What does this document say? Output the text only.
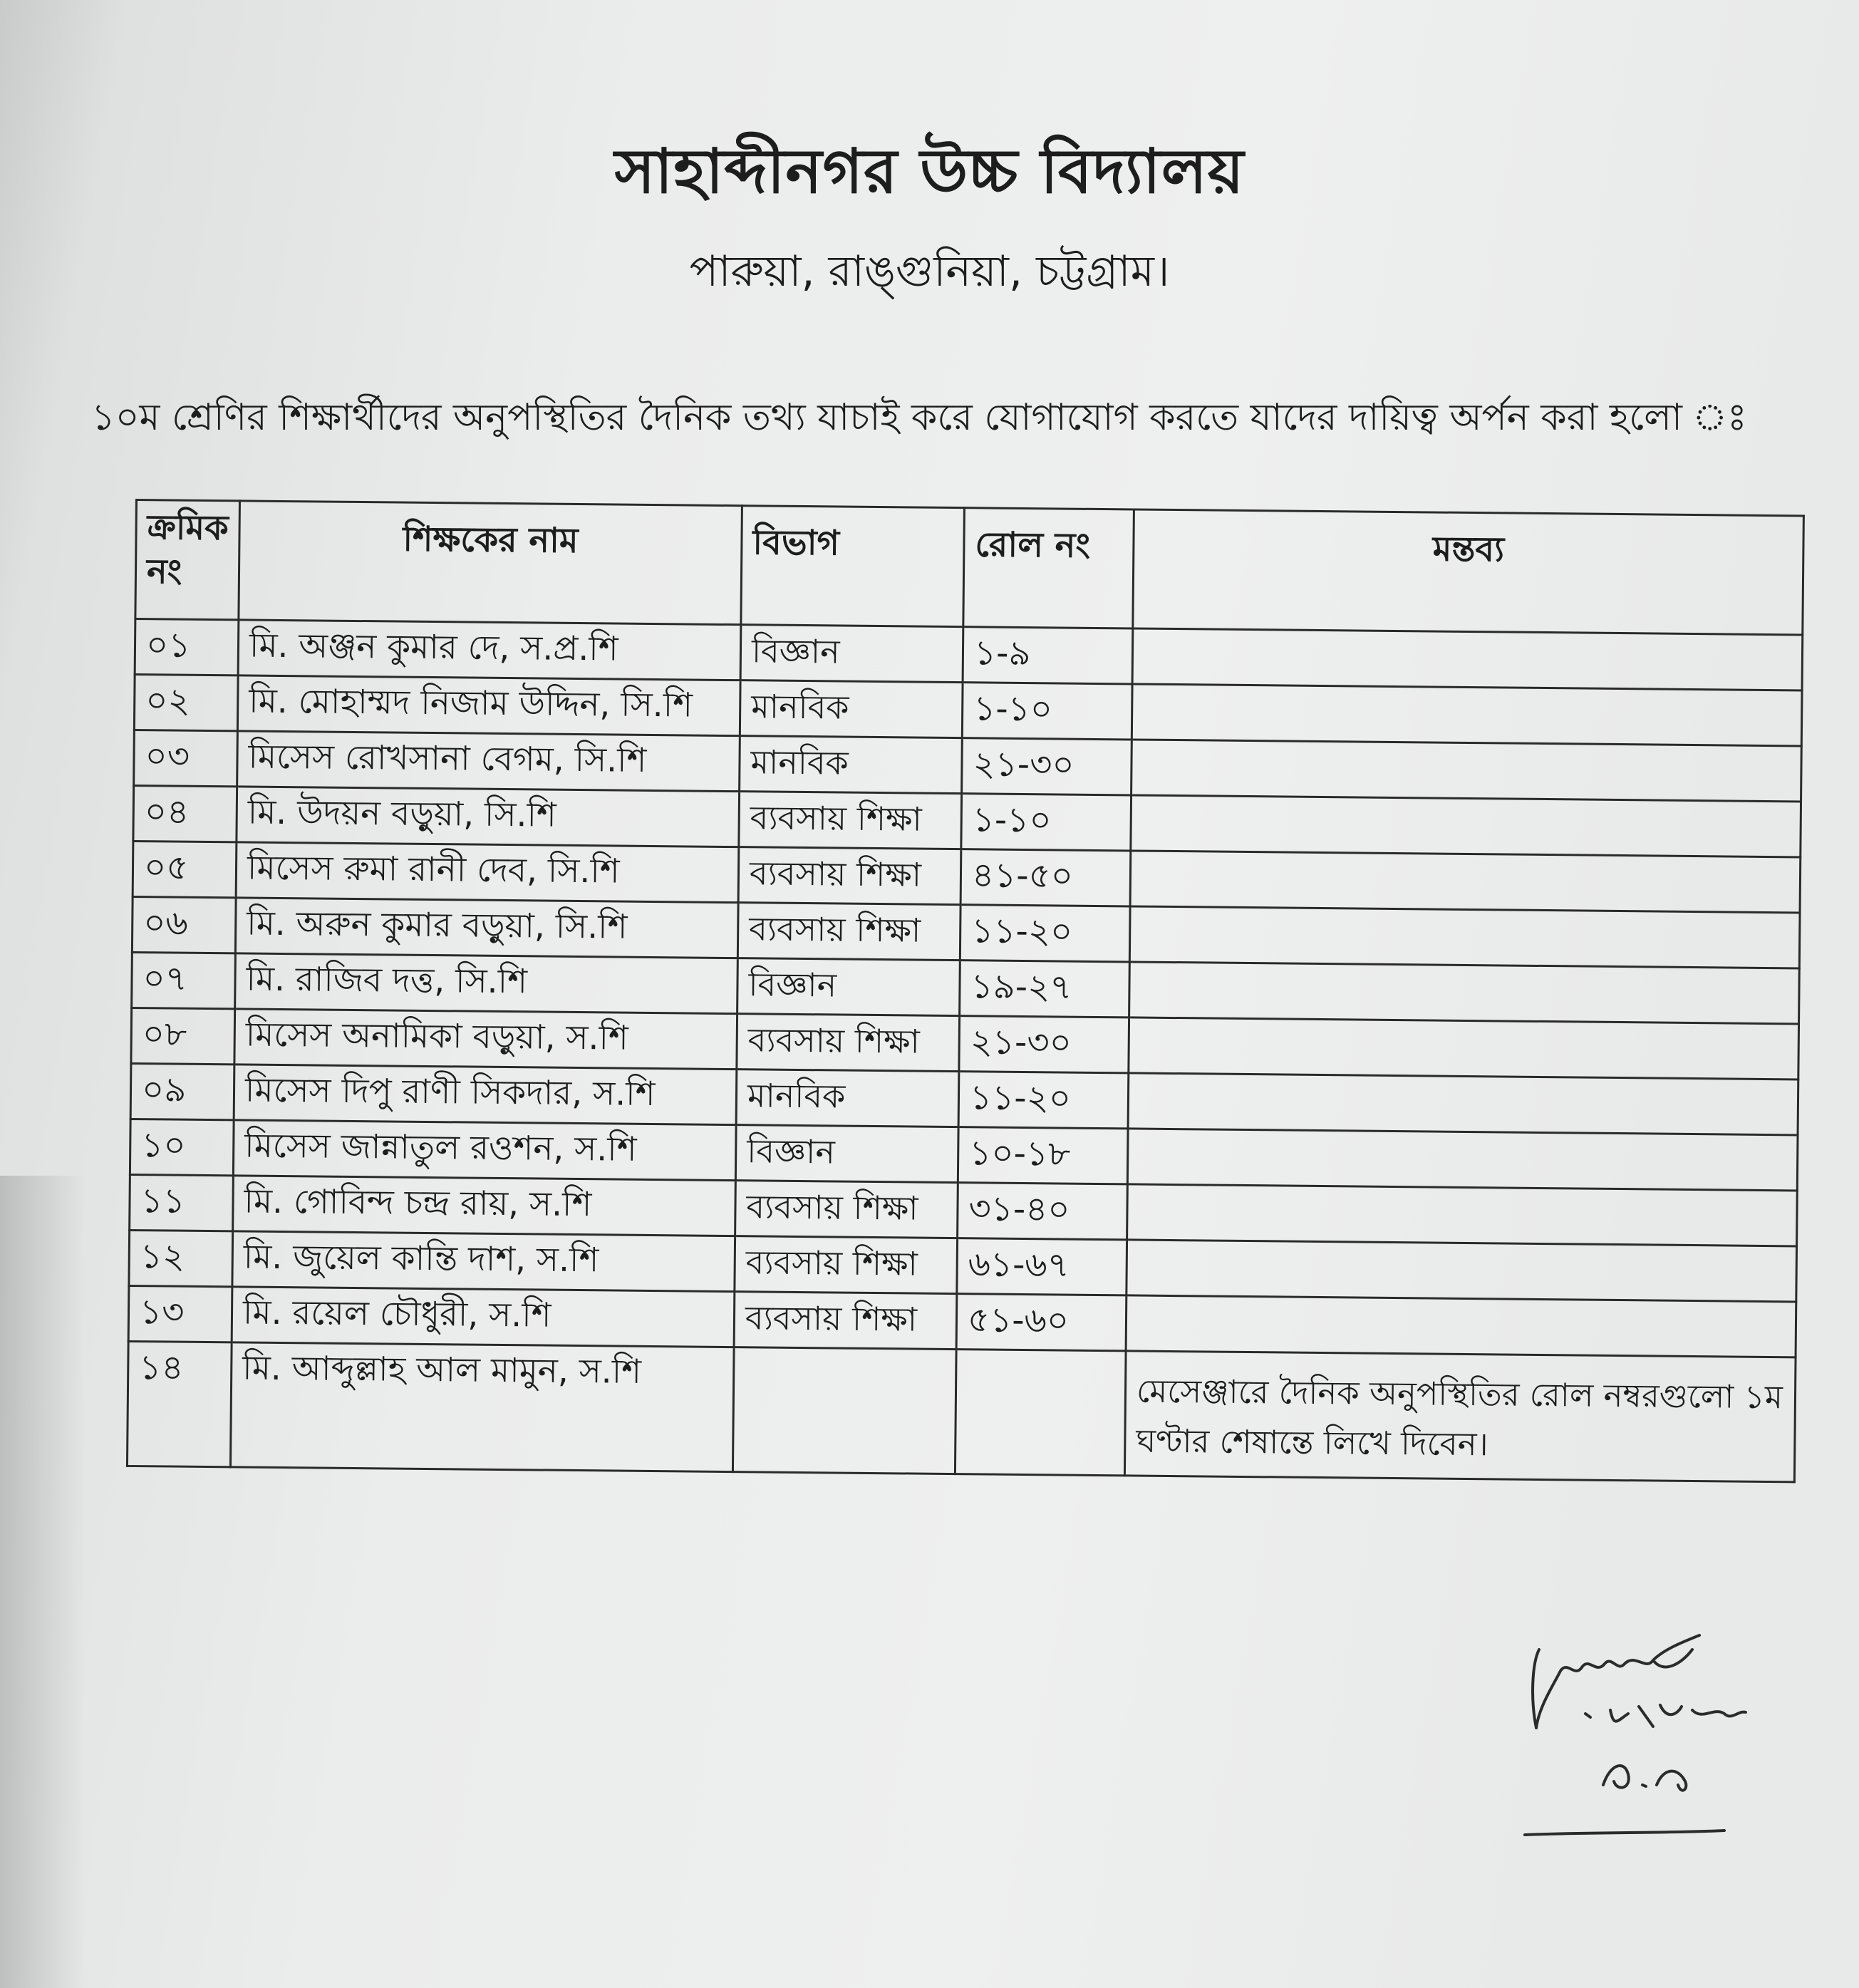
সাহাব্দীনগর উচ্চ বিদ্যালয়
পারুয়া, রাঙ্গুনিয়া, চট্টগ্রাম।
১০ম শ্রেণির শিক্ষার্থীদের অনুপস্থিতির দৈনিক তথ্য যাচাই করে যোগাযোগ করতে যাদের দায়িত্ব অর্পন করা হলো ঃ
ক্রমিক নং	শিক্ষকের নাম	বিভাগ	রোল নং	মন্তব্য
০১	মি. অঞ্জন কুমার দে, স.প্র.শি	বিজ্ঞান	১-৯	
০২	মি. মোহাম্মদ নিজাম উদ্দিন, সি.শি	মানবিক	১-১০	
০৩	মিসেস রোখসানা বেগম, সি.শি	মানবিক	২১-৩০	
০৪	মি. উদয়ন বড়ুয়া, সি.শি	ব্যবসায় শিক্ষা	১-১০	
০৫	মিসেস রুমা রানী দেব, সি.শি	ব্যবসায় শিক্ষা	৪১-৫০	
০৬	মি. অরুন কুমার বড়ুয়া, সি.শি	ব্যবসায় শিক্ষা	১১-২০	
০৭	মি. রাজিব দত্ত, সি.শি	বিজ্ঞান	১৯-২৭	
০৮	মিসেস অনামিকা বড়ুয়া, স.শি	ব্যবসায় শিক্ষা	২১-৩০	
০৯	মিসেস দিপু রাণী সিকদার, স.শি	মানবিক	১১-২০	
১০	মিসেস জান্নাতুল রওশন, স.শি	বিজ্ঞান	১০-১৮	
১১	মি. গোবিন্দ চন্দ্র রায়, স.শি	ব্যবসায় শিক্ষা	৩১-৪০	
১২	মি. জুয়েল কান্তি দাশ, স.শি	ব্যবসায় শিক্ষা	৬১-৬৭	
১৩	মি. রয়েল চৌধুরী, স.শি	ব্যবসায় শিক্ষা	৫১-৬০	
১৪	মি. আব্দুল্লাহ আল মামুন, স.শি			মেসেঞ্জারে দৈনিক অনুপস্থিতির রোল নম্বরগুলো ১ম ঘণ্টার শেষান্তে লিখে দিবেন।
